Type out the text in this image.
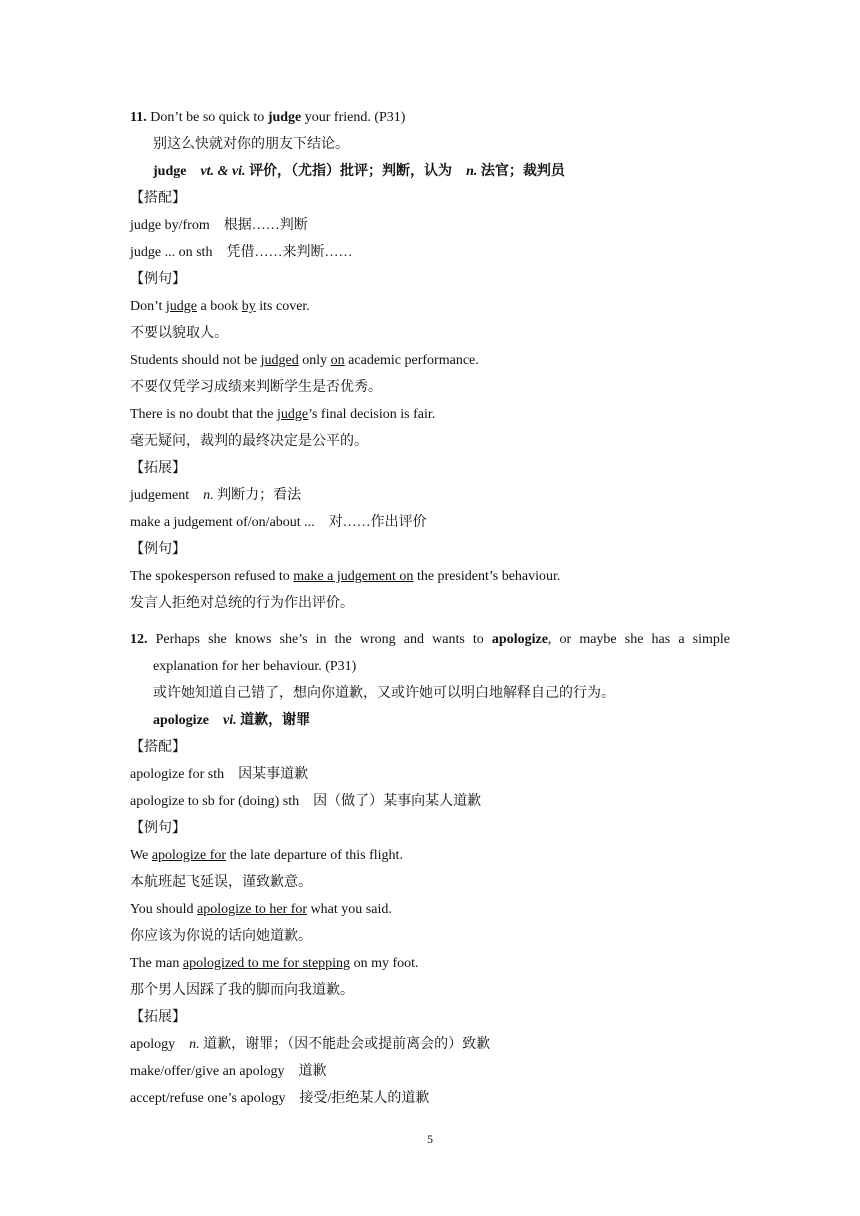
11. Don’t be so quick to judge your friend. (P31)
别这么快就对你的朋友下结论。
judge vt. & vi. 评价，（尤指）批评；判断，认为 n. 法官；裁判员
【搭配】
judge by/from 根据……判断
judge ... on sth 凭借……来判断……
【例句】
Don’t judge a book by its cover.
不要以貌取人。
Students should not be judged only on academic performance.
不要仅凭学习成绩来判断学生是否优秀。
There is no doubt that the judge’s final decision is fair.
毫无疑问，裁判的最终决定是公平的。
【拓展】
judgement n. 判断力；看法
make a judgement of/on/about ... 对……作出评价
【例句】
The spokesperson refused to make a judgement on the president’s behaviour.
发言人拒绝对总统的行为作出评价。
12. Perhaps she knows she’s in the wrong and wants to apologize, or maybe she has a simple
explanation for her behaviour. (P31)
或许她知道自己错了，想向你道歉，又或许她可以明白地解释自己的行为。
apologize vi. 道歉，谢罪
【搭配】
apologize for sth 因某事道歉
apologize to sb for (doing) sth 因（做了）某事向某人道歉
【例句】
We apologize for the late departure of this flight.
本航班起飞延误，谨致歉意。
You should apologize to her for what you said.
你应该为你说的话向她道歉。
The man apologized to me for stepping on my foot.
那个男人因踩了我的脚而向我道歉。
【拓展】
apology n. 道歉，谢罪；（因不能赴会或提前离会的）致歉
make/offer/give an apology 道歉
accept/refuse one’s apology 接受/拒绝某人的道歉
5
